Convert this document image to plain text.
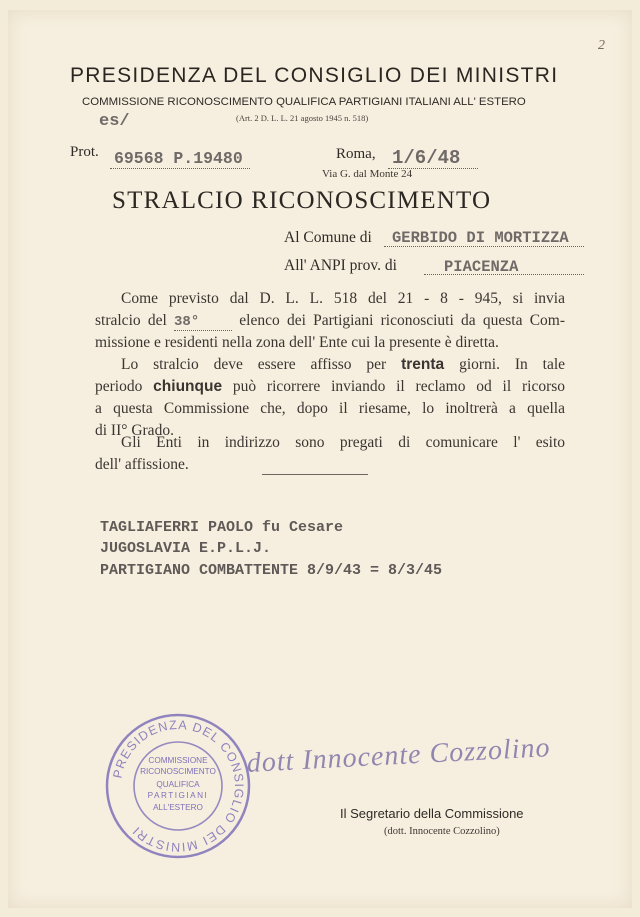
2
PRESIDENZA DEL CONSIGLIO DEI MINISTRI
COMMISSIONE RICONOSCIMENTO QUALIFICA PARTIGIANI ITALIANI ALL' ESTERO
(Art. 2 D. L. L. 21 agosto 1945 n. 518)
es/
Prot. 69568 P.19480	Roma, 1/6/48
Via G. dal Monte 24
STRALCIO RICONOSCIMENTO
Al Comune di GERBIDO DI MORTIZZA
All' ANPI prov. di	PIACENZA
Come previsto dal D. L. L. 518 del 21 - 8 - 945, si invia
stralcio del 38°	elenco dei Partigiani riconosciuti da questa Com-
missione e residenti nella zona dell' Ente cui la presente è diretta.
Lo stralcio deve essere affisso per trenta giorni. In tale
periodo chiunque può ricorrere inviando il reclamo od il ricorso
a questa Commissione che, dopo il riesame, lo inoltrerà a quella
di II° Grado.
Gli Enti in indirizzo sono pregati di comunicare l' esito
dell' affissione.
TAGLIAFERRI PAOLO fu Cesare
JUGOSLAVIA E.P.L.J.
PARTIGIANO COMBATTENTE 8/9/43 = 8/3/45
PRESIDENZA DEL CONSIGLIO DEI MINISTRI
COMMISSIONE
RICONOSCIMENTO
QUALIFICA
PARTIGIANI
ALL'ESTERO
dott Innocente Cozzolino
Il Segretario della Commissione
(dott. Innocente Cozzolino)
